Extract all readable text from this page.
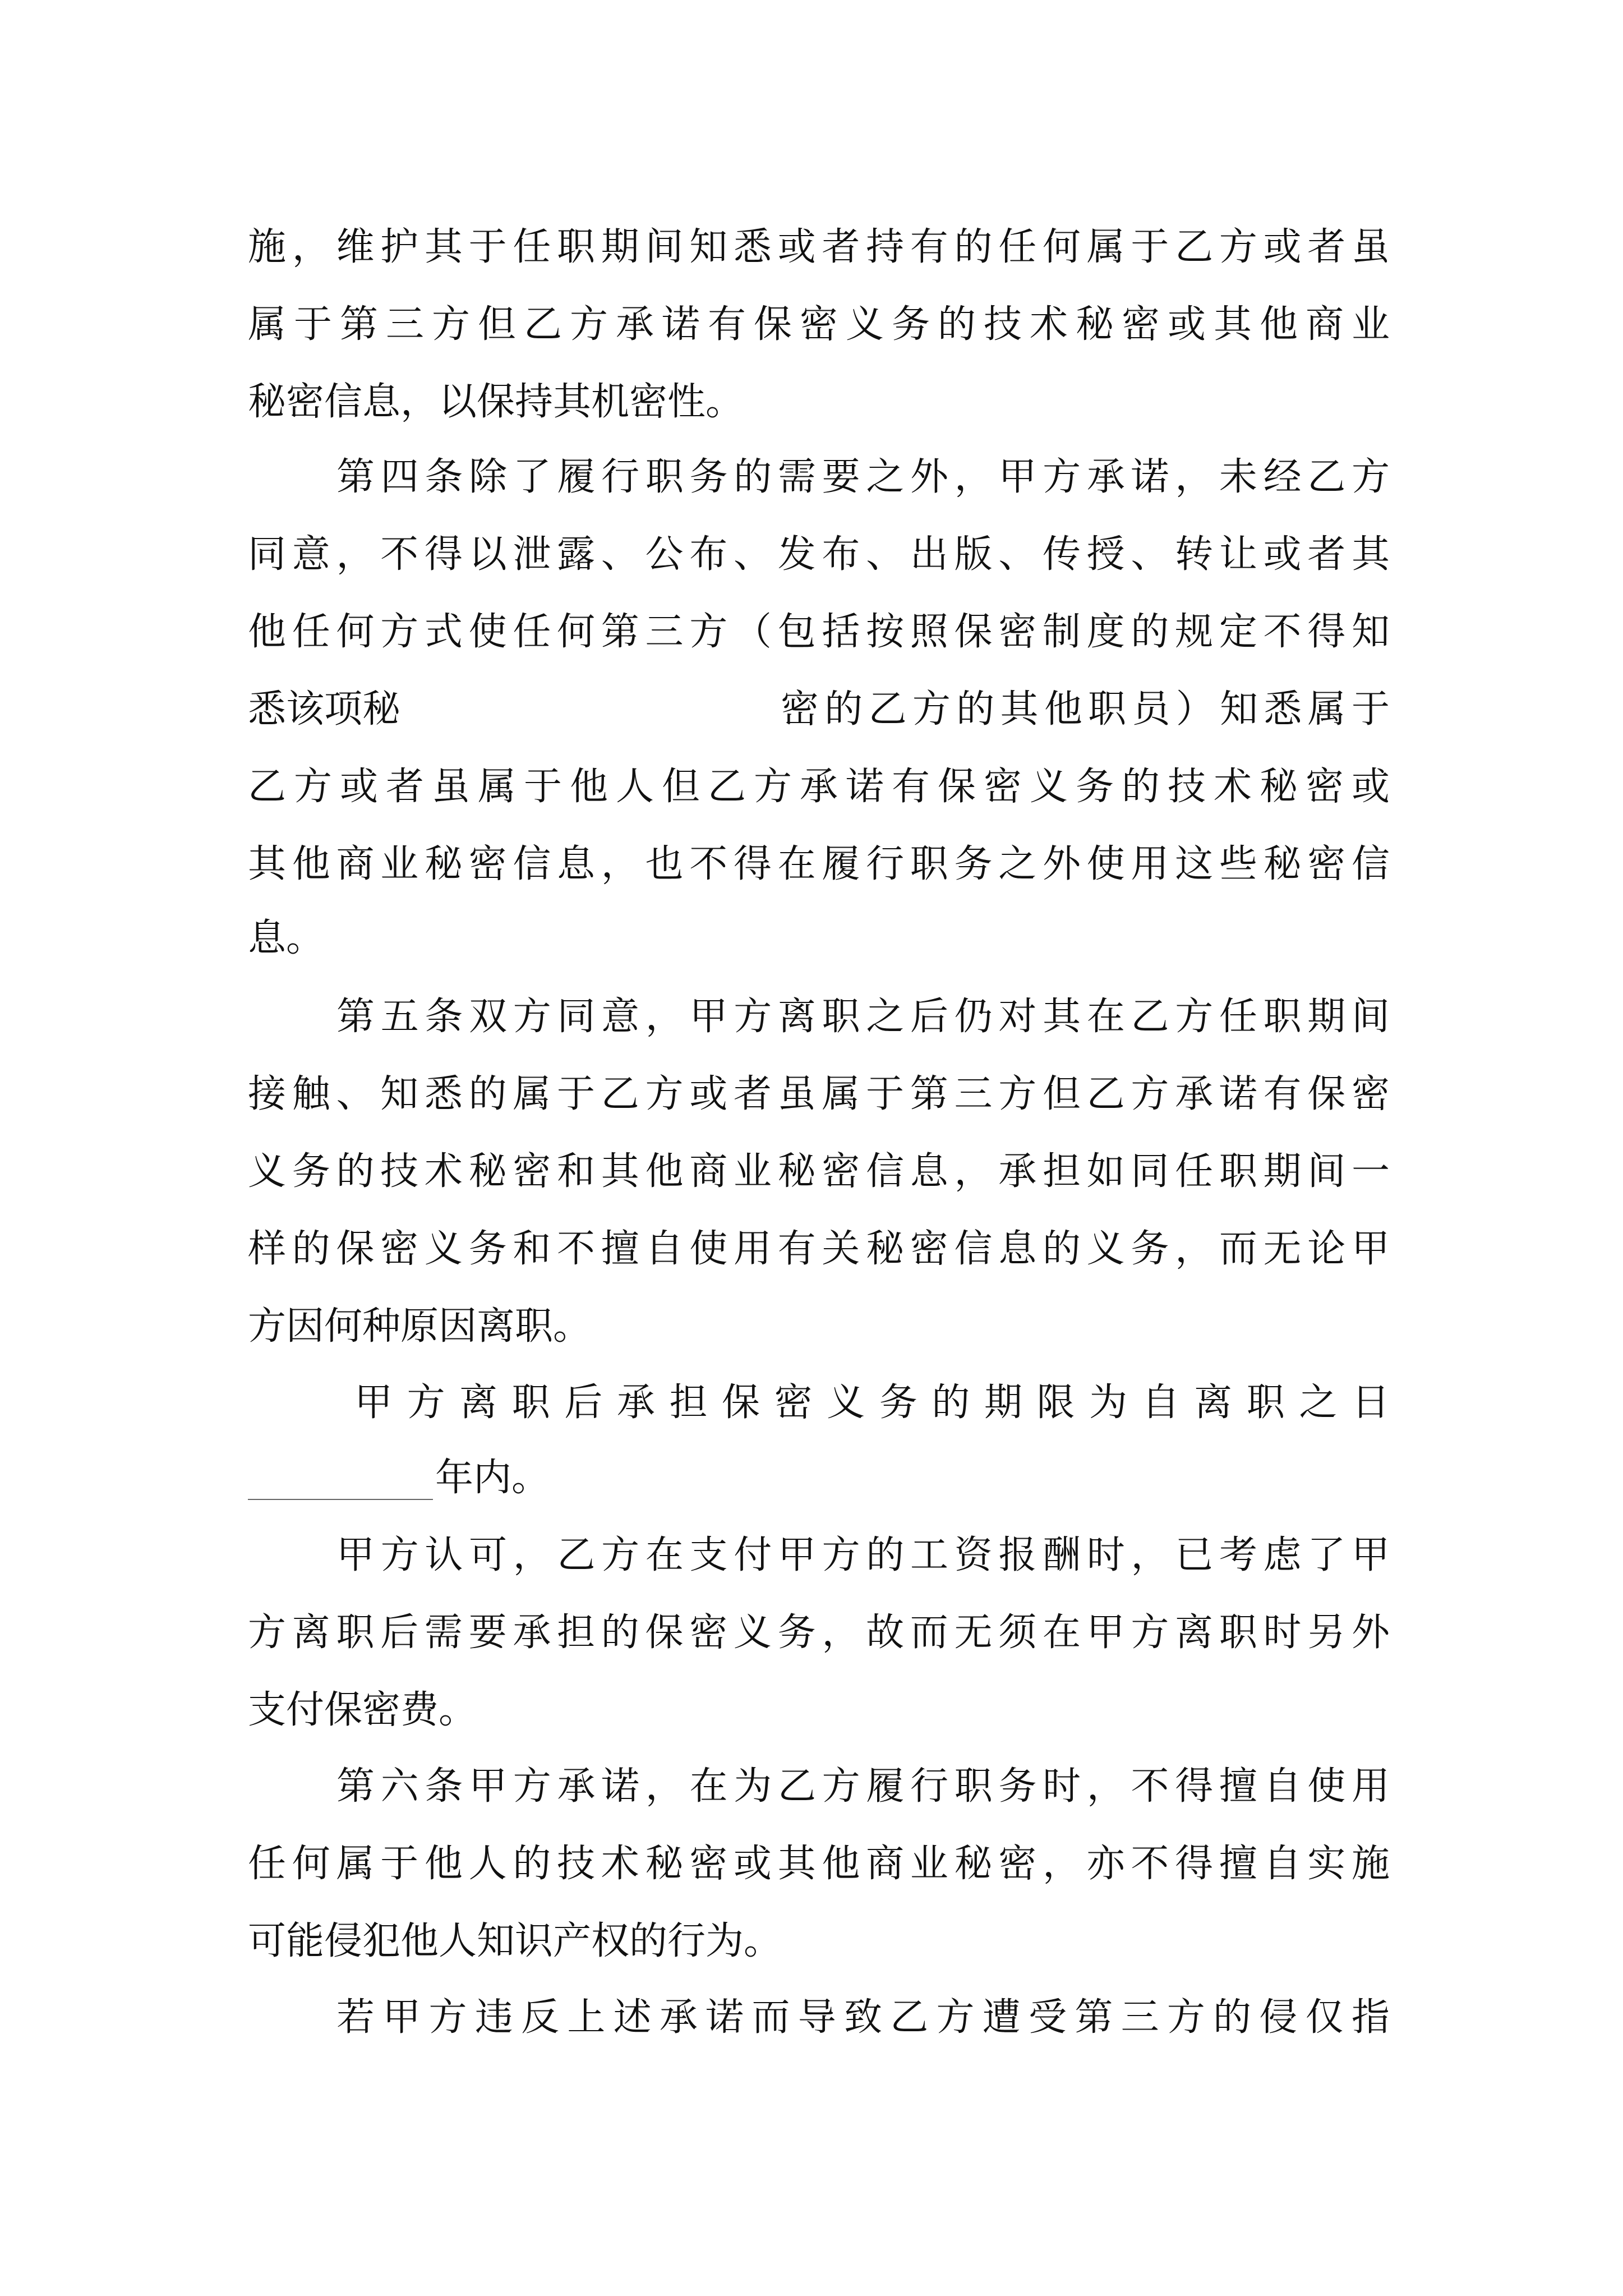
施，维护其于任职期间知悉或者持有的任何属于乙方或者虽
属于第三方但乙方承诺有保密义务的技术秘密或其他商业
秘密信息，以保持其机密性。
第四条除了履行职务的需要之外，甲方承诺，未经乙方
同意，不得以泄露、公布、发布、出版、传授、转让或者其
他任何方式使任何第三方（包括按照保密制度的规定不得知
悉该项秘	密的乙方的其他职员）知悉属于
乙方或者虽属于他人但乙方承诺有保密义务的技术秘密或
其他商业秘密信息，也不得在履行职务之外使用这些秘密信
息。
第五条双方同意，甲方离职之后仍对其在乙方任职期间
接触、知悉的属于乙方或者虽属于第三方但乙方承诺有保密
义务的技术秘密和其他商业秘密信息，承担如同任职期间一
样的保密义务和不擅自使用有关秘密信息的义务，而无论甲
方因何种原因离职。
甲方离职后承担保密义务的期限为自离职之日
年内。
甲方认可，乙方在支付甲方的工资报酬时，已考虑了甲
方离职后需要承担的保密义务，故而无须在甲方离职时另外
支付保密费。
第六条甲方承诺，在为乙方履行职务时，不得擅自使用
任何属于他人的技术秘密或其他商业秘密，亦不得擅自实施
可能侵犯他人知识产权的行为。
若甲方违反上述承诺而导致乙方遭受第三方的侵仅指
